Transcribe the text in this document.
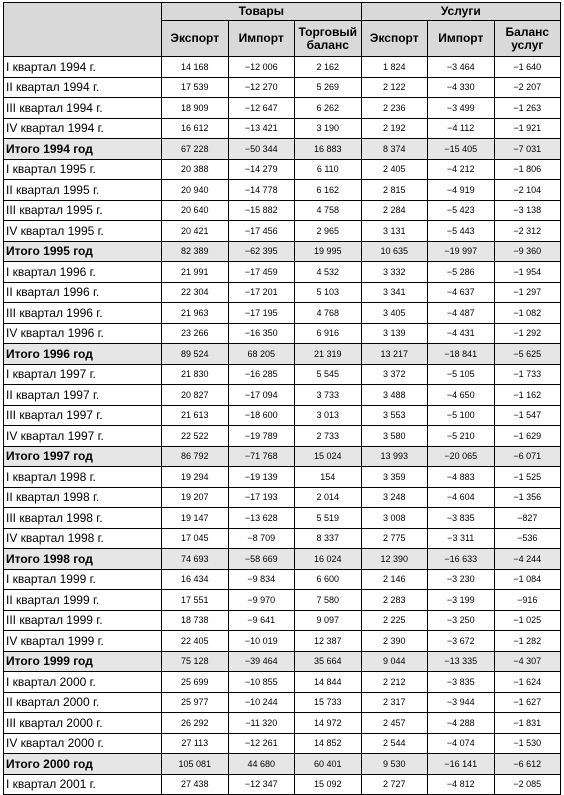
	Товары			Услуги		
	Экспорт	Импорт	Торговый баланс	Экспорт	Импорт	Баланс услуг
I квартал 1994 г.	14 168	−12 006	2 162	1 824	−3 464	−1 640
II квартал 1994 г.	17 539	−12 270	5 269	2 122	−4 330	−2 207
III квартал 1994 г.	18 909	−12 647	6 262	2 236	−3 499	−1 263
IV квартал 1994 г.	16 612	−13 421	3 190	2 192	−4 112	−1 921
Итого 1994 год	67 228	−50 344	16 883	8 374	−15 405	−7 031
I квартал 1995 г.	20 388	−14 279	6 110	2 405	−4 212	−1 806
II квартал 1995 г.	20 940	−14 778	6 162	2 815	−4 919	−2 104
III квартал 1995 г.	20 640	−15 882	4 758	2 284	−5 423	−3 138
IV квартал 1995 г.	20 421	−17 456	2 965	3 131	−5 443	−2 312
Итого 1995 год	82 389	−62 395	19 995	10 635	−19 997	−9 360
I квартал 1996 г.	21 991	−17 459	4 532	3 332	−5 286	−1 954
II квартал 1996 г.	22 304	−17 201	5 103	3 341	−4 637	−1 297
III квартал 1996 г.	21 963	−17 195	4 768	3 405	−4 487	−1 082
IV квартал 1996 г.	23 266	−16 350	6 916	3 139	−4 431	−1 292
Итого 1996 год	89 524	68 205	21 319	13 217	−18 841	−5 625
I квартал 1997 г.	21 830	−16 285	5 545	3 372	−5 105	−1 733
II квартал 1997 г.	20 827	−17 094	3 733	3 488	−4 650	−1 162
III квартал 1997 г.	21 613	−18 600	3 013	3 553	−5 100	−1 547
IV квартал 1997 г.	22 522	−19 789	2 733	3 580	−5 210	−1 629
Итого 1997 год	86 792	−71 768	15 024	13 993	−20 065	−6 071
I квартал 1998 г.	19 294	−19 139	154	3 359	−4 883	−1 525
II квартал 1998 г.	19 207	−17 193	2 014	3 248	−4 604	−1 356
III квартал 1998 г.	19 147	−13 628	5 519	3 008	−3 835	−827
IV квартал 1998 г.	17 045	−8 709	8 337	2 775	−3 311	−536
Итого 1998 год	74 693	−58 669	16 024	12 390	−16 633	−4 244
I квартал 1999 г.	16 434	−9 834	6 600	2 146	−3 230	−1 084
II квартал 1999 г.	17 551	−9 970	7 580	2 283	−3 199	−916
III квартал 1999 г.	18 738	−9 641	9 097	2 225	−3 250	−1 025
IV квартал 1999 г.	22 405	−10 019	12 387	2 390	−3 672	−1 282
Итого 1999 год	75 128	−39 464	35 664	9 044	−13 335	−4 307
I квартал 2000 г.	25 699	−10 855	14 844	2 212	−3 835	−1 624
II квартал 2000 г.	25 977	−10 244	15 733	2 317	−3 944	−1 627
III квартал 2000 г.	26 292	−11 320	14 972	2 457	−4 288	−1 831
IV квартал 2000 г.	27 113	−12 261	14 852	2 544	−4 074	−1 530
Итого 2000 год	105 081	44 680	60 401	9 530	−16 141	−6 612
I квартал 2001 г.	27 438	−12 347	15 092	2 727	−4 812	−2 085
